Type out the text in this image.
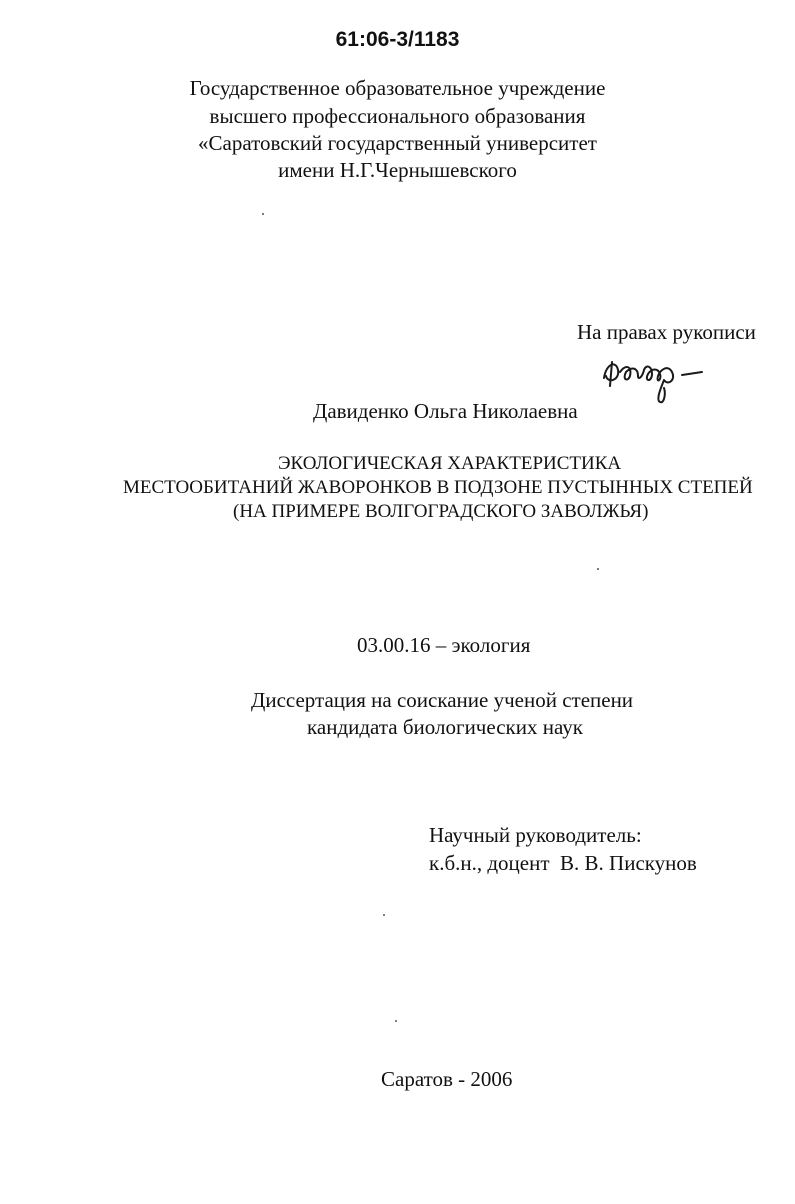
61:06-3/1183
Государственное образовательное учреждение
высшего профессионального образования
«Саратовский государственный университет
имени Н.Г.Чернышевского
На правах рукописи
Давиденко Ольга Николаевна
ЭКОЛОГИЧЕСКАЯ ХАРАКТЕРИСТИКА
МЕСТООБИТАНИЙ ЖАВОРОНКОВ В ПОДЗОНЕ ПУСТЫННЫХ СТЕПЕЙ
(НА ПРИМЕРЕ ВОЛГОГРАДСКОГО ЗАВОЛЖЬЯ)
03.00.16 – экология
Диссертация на соискание ученой степени
кандидата биологических наук
Научный руководитель:
к.б.н., доцент  В. В. Пискунов
Саратов - 2006
